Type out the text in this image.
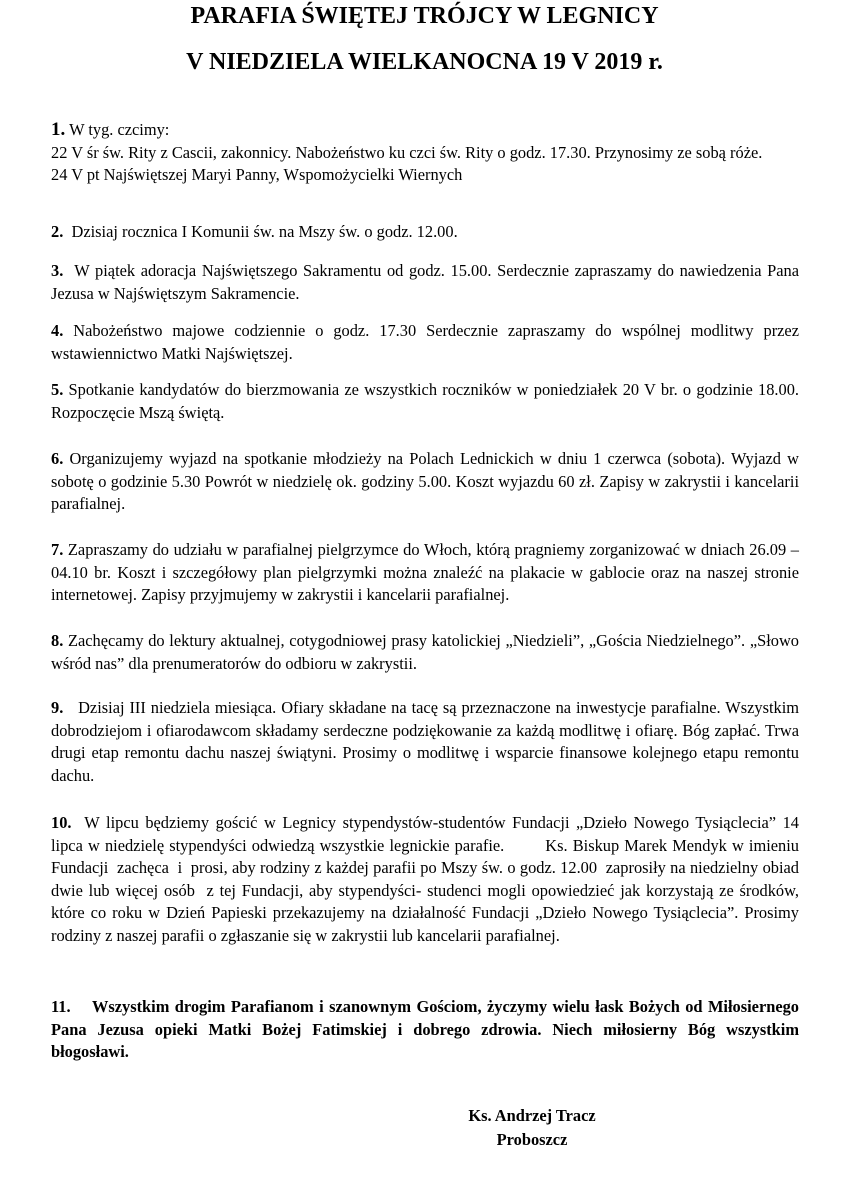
PARAFIA ŚWIĘTEJ TRÓJCY W LEGNICY
V NIEDZIELA WIELKANOCNA 19 V 2019 r.
1. W tyg. czcimy:
22 V śr św. Rity z Cascii, zakonnicy. Nabożeństwo ku czci św. Rity o godz. 17.30. Przynosimy ze sobą róże.
24 V pt Najświętszej Maryi Panny, Wspomożycielki Wiernych

2. Dzisiaj rocznica I Komunii św. na Mszy św. o godz. 12.00.

3. W piątek adoracja Najświętszego Sakramentu od godz. 15.00. Serdecznie zapraszamy do nawiedzenia Pana Jezusa w Najświętszym Sakramencie.

4. Nabożeństwo majowe codziennie o godz. 17.30 Serdecznie zapraszamy do wspólnej modlitwy przez wstawiennictwo Matki Najświętszej.

5. Spotkanie kandydatów do bierzmowania ze wszystkich roczników w poniedziałek 20 V br. o godzinie 18.00. Rozpoczęcie Mszą świętą.

6. Organizujemy wyjazd na spotkanie młodzieży na Polach Lednickich w dniu 1 czerwca (sobota). Wyjazd w sobotę o godzinie 5.30 Powrót w niedzielę ok. godziny 5.00. Koszt wyjazdu 60 zł. Zapisy w zakrystii i kancelarii parafialnej.

7. Zapraszamy do udziału w parafialnej pielgrzymce do Włoch, którą pragniemy zorganizować w dniach 26.09 – 04.10 br. Koszt i szczegółowy plan pielgrzymki można znaleźć na plakacie w gablocie oraz na naszej stronie internetowej. Zapisy przyjmujemy w zakrystii i kancelarii parafialnej.

8. Zachęcamy do lektury aktualnej, cotygodniowej prasy katolickiej „Niedzieli”, „Gościa Niedzielnego”. „Słowo wśród nas” dla prenumeratorów do odbioru w zakrystii.

9. Dzisiaj III niedziela miesiąca. Ofiary składane na tacę są przeznaczone na inwestycje parafialne. Wszystkim dobrodziejom i ofiarodawcom składamy serdeczne podziękowanie za każdą modlitwę i ofiarę. Bóg zapłać. Trwa drugi etap remontu dachu naszej świątyni. Prosimy o modlitwę i wsparcie finansowe kolejnego etapu remontu dachu.

10. W lipcu będziemy gościć w Legnicy stypendystów-studentów Fundacji „Dzieło Nowego Tysiąclecia” 14 lipca w niedzielę stypendyści odwiedzą wszystkie legnickie parafie.        Ks. Biskup Marek Mendyk w imieniu Fundacji  zachęca  i  prosi, aby rodziny z każdej parafii po Mszy św. o godz. 12.00  zaprosiły na niedzielny obiad dwie lub więcej osób  z tej Fundacji, aby stypendyści- studenci mogli opowiedzieć jak korzystają ze środków, które co roku w Dzień Papieski przekazujemy na działalność Fundacji „Dzieło Nowego Tysiąclecia”. Prosimy rodziny z naszej parafii o zgłaszanie się w zakrystii lub kancelarii parafialnej.

11. Wszystkim drogim Parafianom i szanownym Gościom, życzymy wielu łask Bożych od Miłosiernego Pana Jezusa opieki Matki Bożej Fatimskiej i dobrego zdrowia. Niech miłosierny Bóg wszystkim błogosławi.

Ks. Andrzej Tracz
Proboszcz
